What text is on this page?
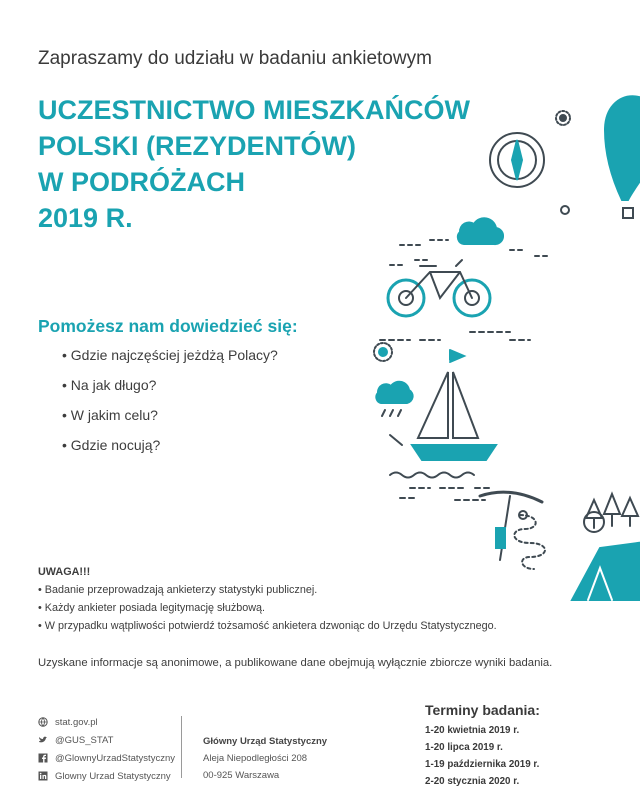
Zapraszamy do udziału w badaniu ankietowym
UCZESTNICTWO MIESZKAŃCÓW
POLSKI (REZYDENTÓW)
W PODRÓŻACH
2019 R.
Pomożesz nam dowiedzieć się:
• Gdzie najczęściej jeżdżą Polacy?
• Na jak długo?
• W jakim celu?
• Gdzie nocują?
UWAGA!!!
• Badanie przeprowadzają ankieterzy statystyki publicznej.
• Każdy ankieter posiada legitymację służbową.
• W przypadku wątpliwości potwierdź tożsamość ankietera dzwoniąc do Urzędu Statystycznego.
Uzyskane informacje są anonimowe, a publikowane dane obejmują wyłącznie zbiorcze wyniki badania.
stat.gov.pl
@GUS_STAT
@GlownyUrzadStatystyczny
Glowny Urzad Statystyczny
Główny Urząd Statystyczny
Aleja Niepodległości 208
00-925 Warszawa
Terminy badania:
1-20 kwietnia 2019 r.
1-20 lipca 2019 r.
1-19 października 2019 r.
2-20 stycznia 2020 r.
